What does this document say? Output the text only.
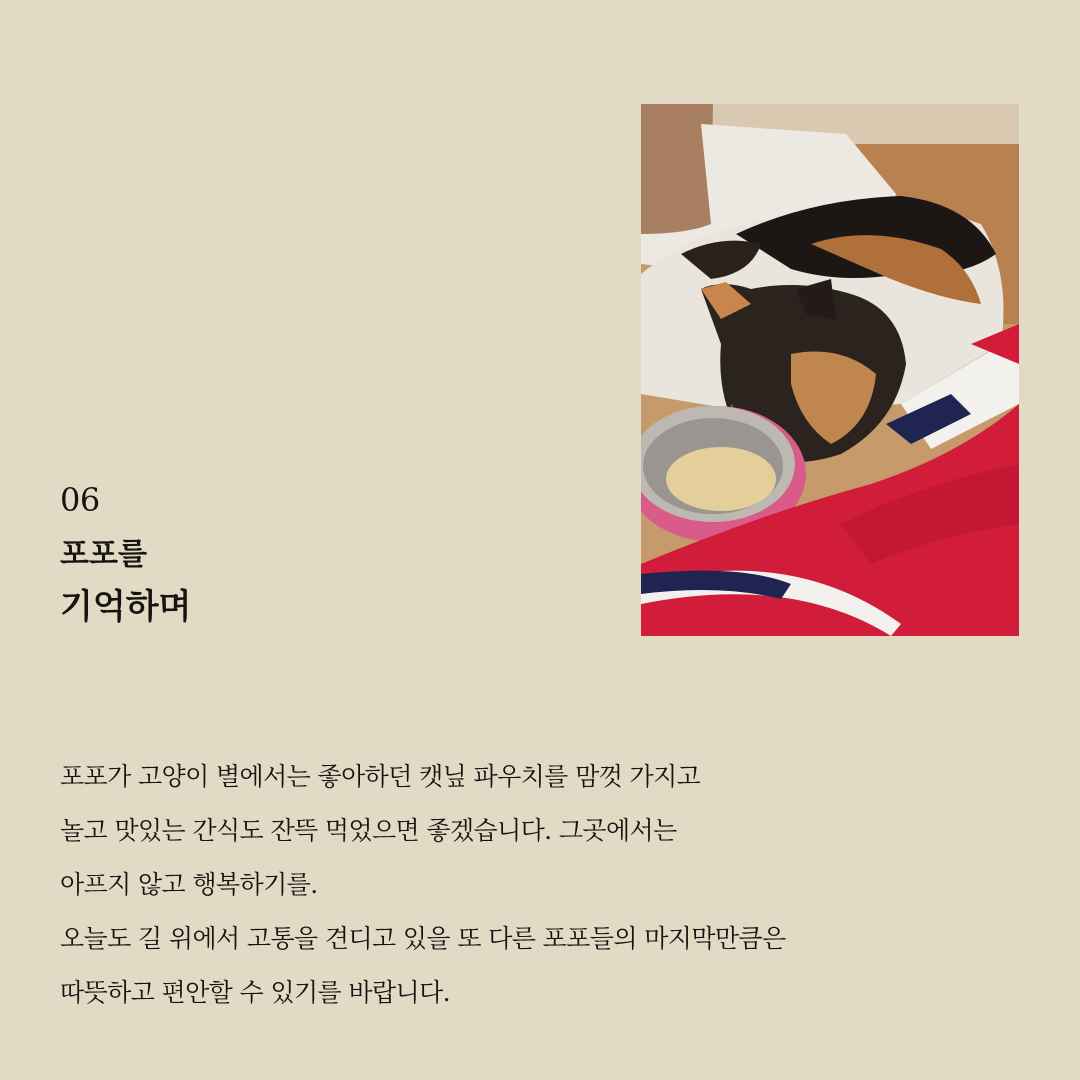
06
포포를
기억하며
포포가 고양이 별에서는 좋아하던 캣닢 파우치를 맘껏 가지고
놀고 맛있는 간식도 잔뜩 먹었으면 좋겠습니다. 그곳에서는
아프지 않고 행복하기를.
오늘도 길 위에서 고통을 견디고 있을 또 다른 포포들의 마지막만큼은
따뜻하고 편안할 수 있기를 바랍니다.
